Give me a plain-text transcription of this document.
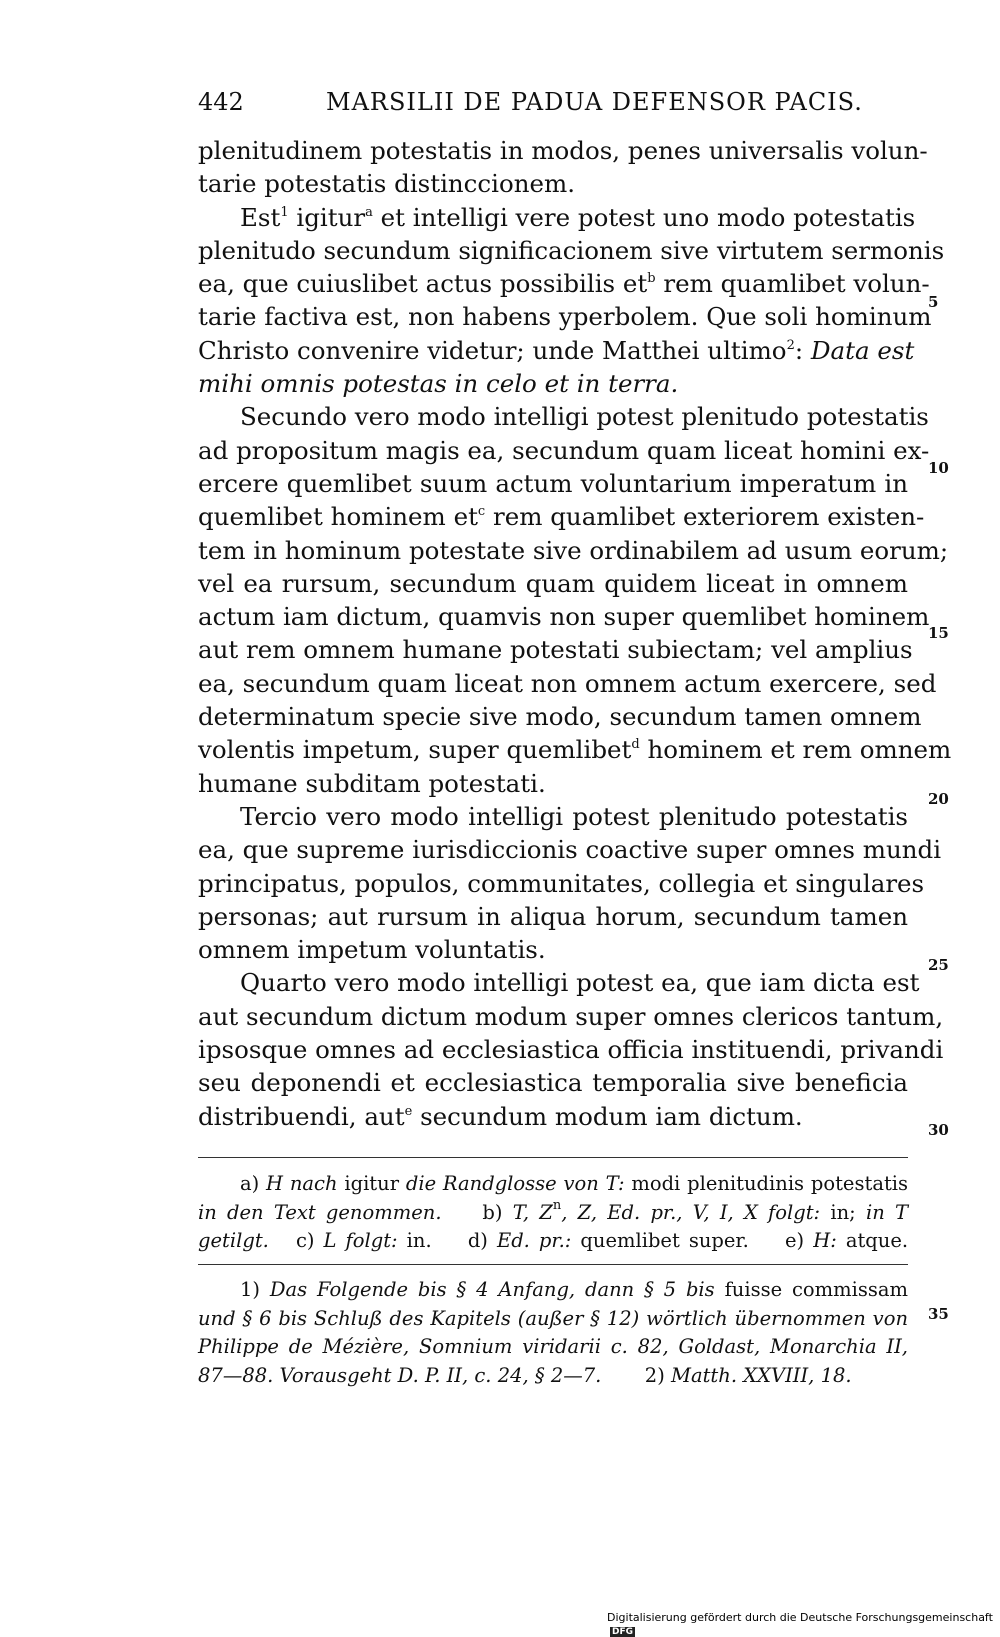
442	MARSILII DE PADUA DEFENSOR PACIS.
plenitudinem potestatis in modos, penes universalis volun-
tarie potestatis distinccionem.
Est$^1$ igitur$^a$ et intelligi vere potest uno modo potestatis
plenitudo secundum significacionem sive virtutem sermonis
ea, que cuiuslibet actus possibilis $et^b$ rem quamlibet volun-
tarie factiva est, non habens yperbolem. Que soli hominum
Christo convenire videtur; unde Matthei ultimo$^2$: Data est
mihi omnis potestas in celo et in terra.
Secundo vero modo intelligi potest plenitudo potestatis
ad propositum magis ea, secundum quam liceat homini ex-
ercere quemlibet suum actum voluntarium imperatum in
quemlibet hominem $et^c$ rem quamlibet exteriorem existen-
tem in hominum potestate sive ordinabilem ad usum eorum;
vel ea rursum, secundum quam quidem liceat in omnem
actum iam dictum, quamvis non super quemlibet hominem
aut rem omnem humane potestati subiectam; vel amplius
ea, secundum quam liceat non omnem actum exercere, sed
determinatum specie sive modo, secundum tamen omnem
volentis impetum, super quemlibet$^d$ hominem et rem omnem
humane subditam potestati.
Tercio vero modo intelligi potest plenitudo potestatis
ea, que supreme iurisdiccionis coactive super omnes mundi
principatus, populos, communitates, collegia et singulares
personas; aut rursum in aliqua horum, secundum tamen
omnem impetum voluntatis.
Quarto vero modo intelligi potest ea, que iam dicta est
aut secundum dictum modum super omnes clericos tantum,
ipsosque omnes ad ecclesiastica officia instituendi, privandi
seu deponendi et ecclesiastica temporalia sive beneficia
distribuendi, aut$^e$ secundum modum iam dictum.
5
10
15
20
25
30
35
a) H nach igitur die Randglosse von T: modi plenitudinis potestatis
in den Text genommen. b) T, $Z^n$, Z, Ed. pr., V, I, X folgt: in; in T
getilgt. c) L folgt: in. d) Ed. pr.: quemlibet super. e) H: atque.
1) Das Folgende bis § 4 Anfang, dann § 5 bis fuisse commissam
und § 6 bis Schluß des Kapitels (außer § 12) wörtlich übernommen von
Philippe de Mézière, Somnium viridarii c. 82, Goldast, Monarchia II,
87—88. Vorausgeht D. P. II, c. 24, § 2—7. 2) Matth. XXVIII, 18.
Digitalisierung gefördert durch die Deutsche ForschungsgemeinschaftDFG
